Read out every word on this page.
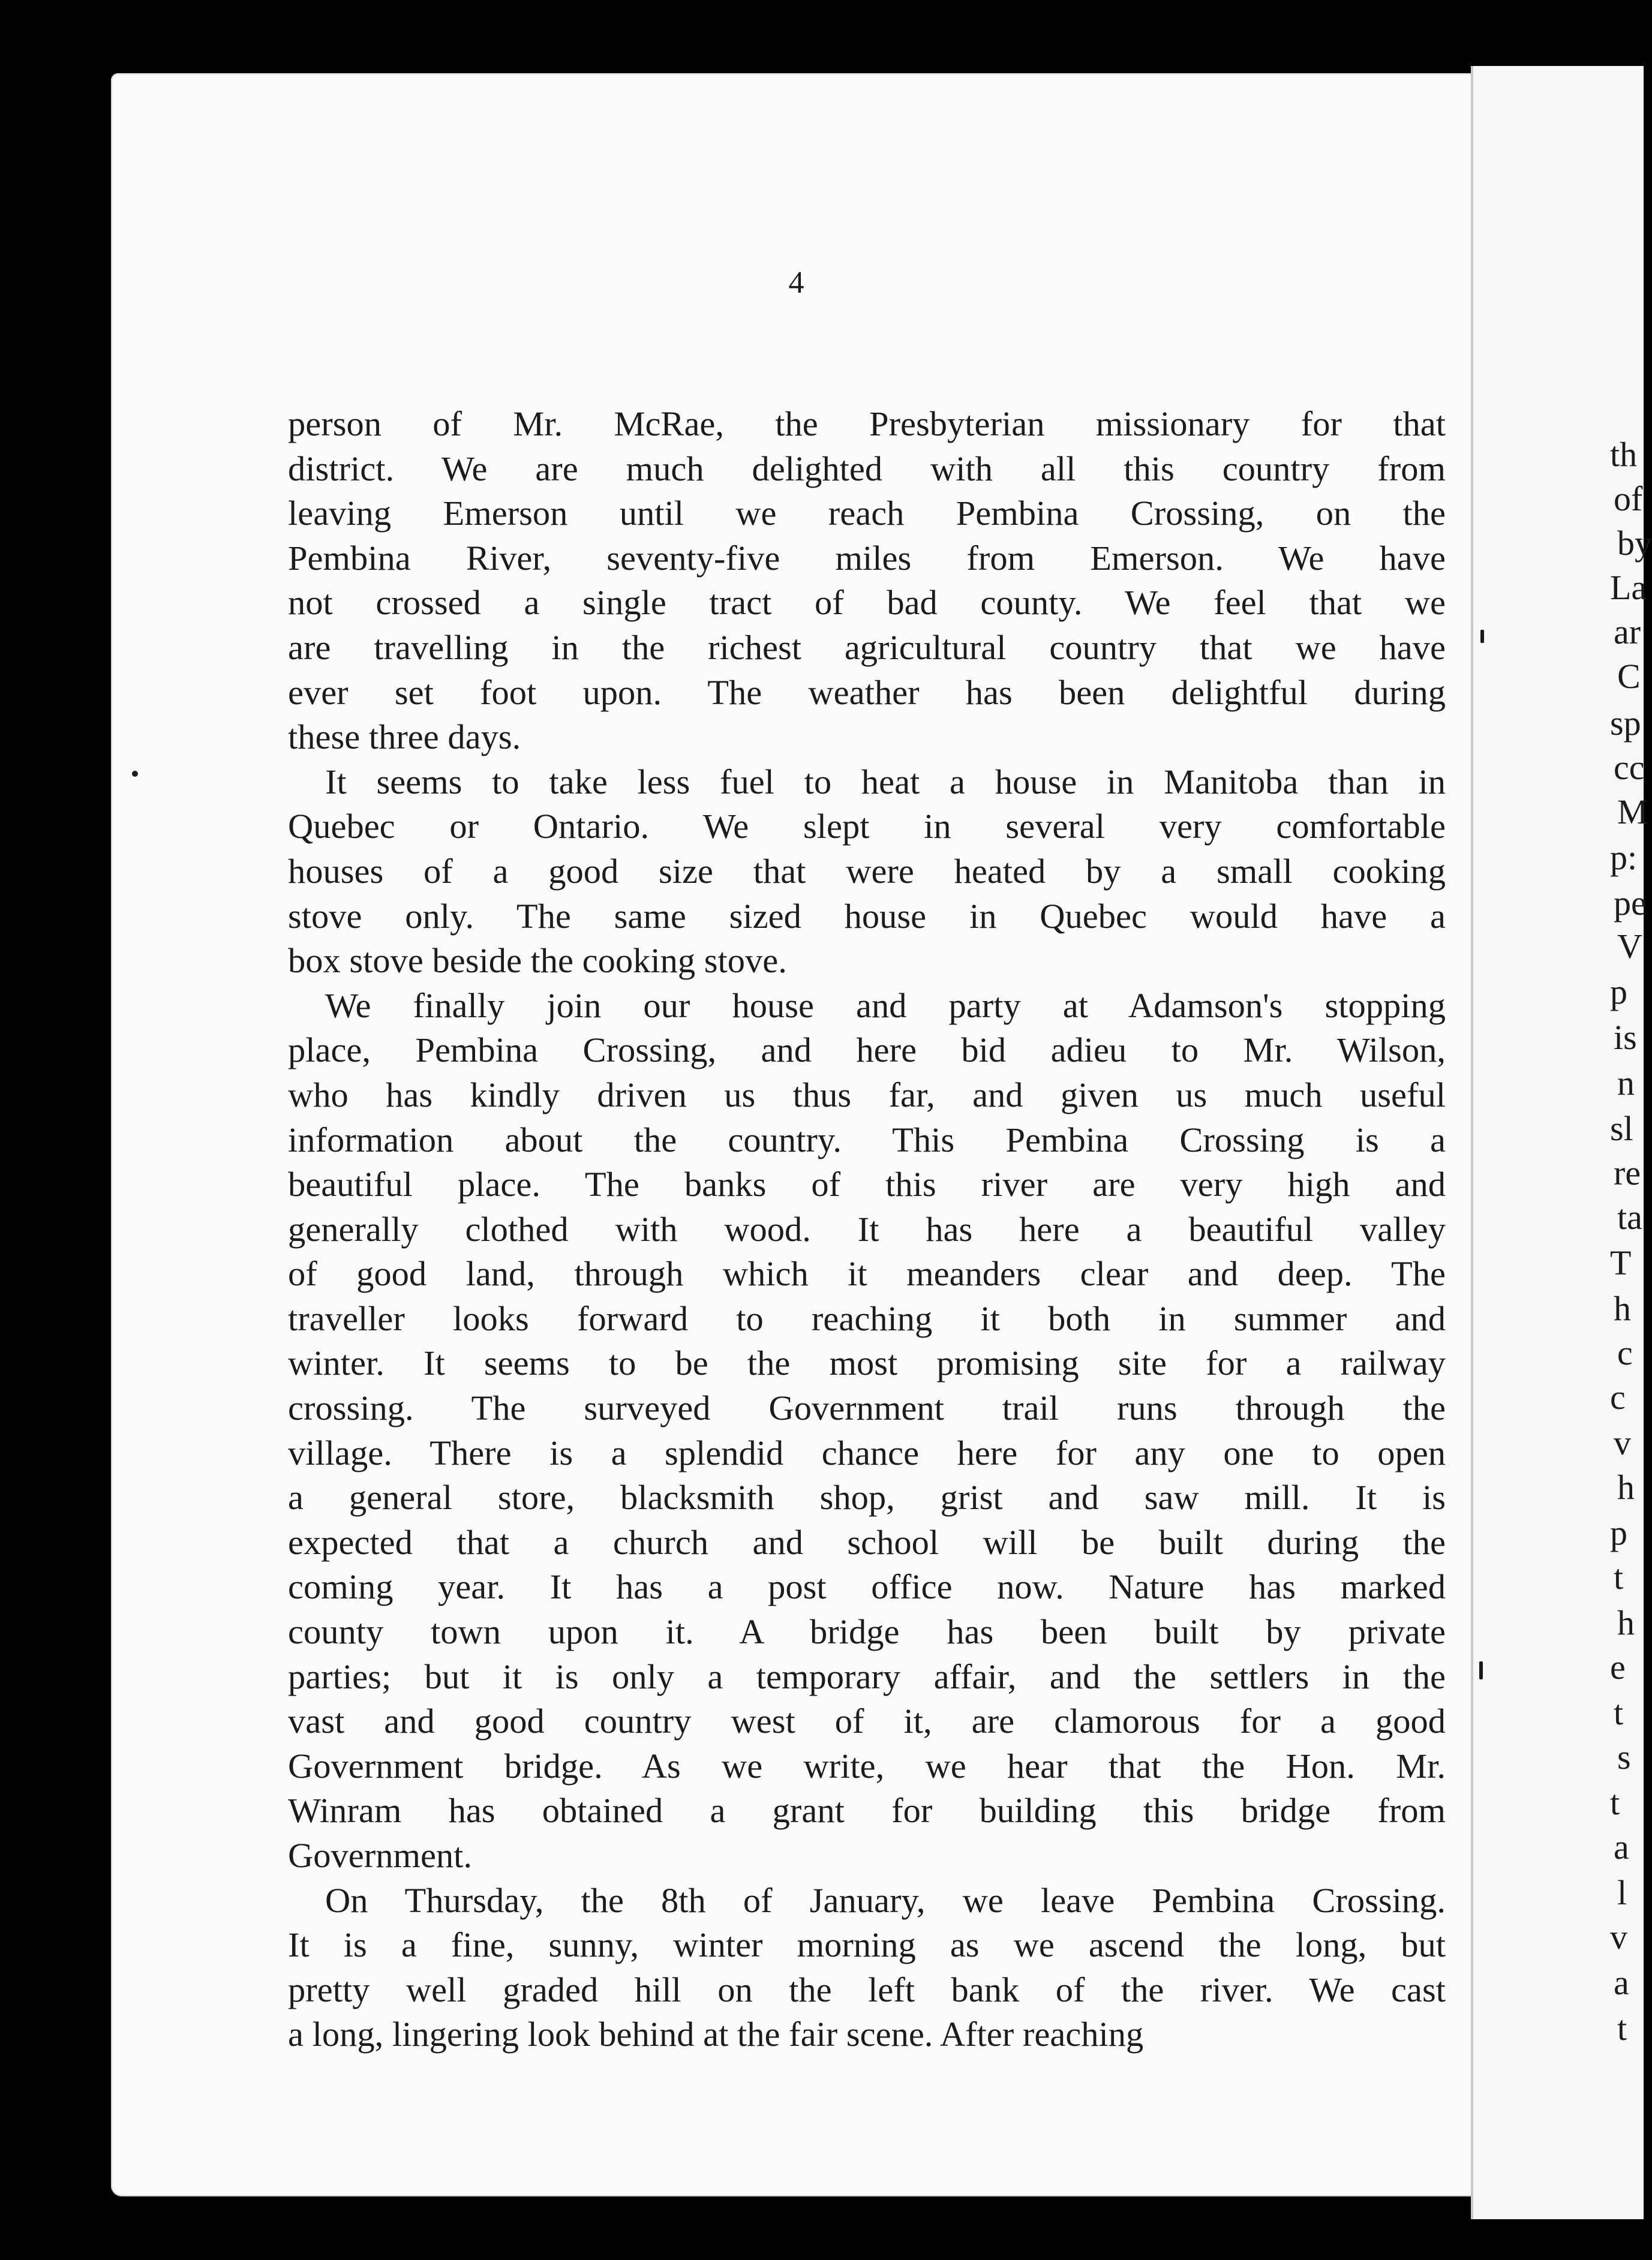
4
person of Mr. McRae, the Presbyterian missionary for that
district. We are much delighted with all this country from
leaving Emerson until we reach Pembina Crossing, on the
Pembina River, seventy-five miles from Emerson. We have
not crossed a single tract of bad county. We feel that we
are travelling in the richest agricultural country that we have
ever set foot upon. The weather has been delightful during
these three days.
It seems to take less fuel to heat a house in Manitoba than in
Quebec or Ontario. We slept in several very comfortable
houses of a good size that were heated by a small cooking
stove only. The same sized house in Quebec would have a
box stove beside the cooking stove.
We finally join our house and party at Adamson's stopping
place, Pembina Crossing, and here bid adieu to Mr. Wilson,
who has kindly driven us thus far, and given us much useful
information about the country. This Pembina Crossing is a
beautiful place. The banks of this river are very high and
generally clothed with wood. It has here a beautiful valley
of good land, through which it meanders clear and deep. The
traveller looks forward to reaching it both in summer and
winter. It seems to be the most promising site for a railway
crossing. The surveyed Government trail runs through the
village. There is a splendid chance here for any one to open
a general store, blacksmith shop, grist and saw mill. It is
expected that a church and school will be built during the
coming year. It has a post office now. Nature has marked
county town upon it. A bridge has been built by private
parties; but it is only a temporary affair, and the settlers in the
vast and good country west of it, are clamorous for a good
Government bridge. As we write, we hear that the Hon. Mr.
Winram has obtained a grant for building this bridge from
Government.
On Thursday, the 8th of January, we leave Pembina Crossing.
It is a fine, sunny, winter morning as we ascend the long, but
pretty well graded hill on the left bank of the river. We cast
a long, lingering look behind at the fair scene. After reaching
th
of
by
La
ar
C
sp
cc
M
p:
pe
V
p
is
n
sl
re
ta
T
h
c
c
v
h
p
t
h
e
t
s
t
a
l
v
a
t
